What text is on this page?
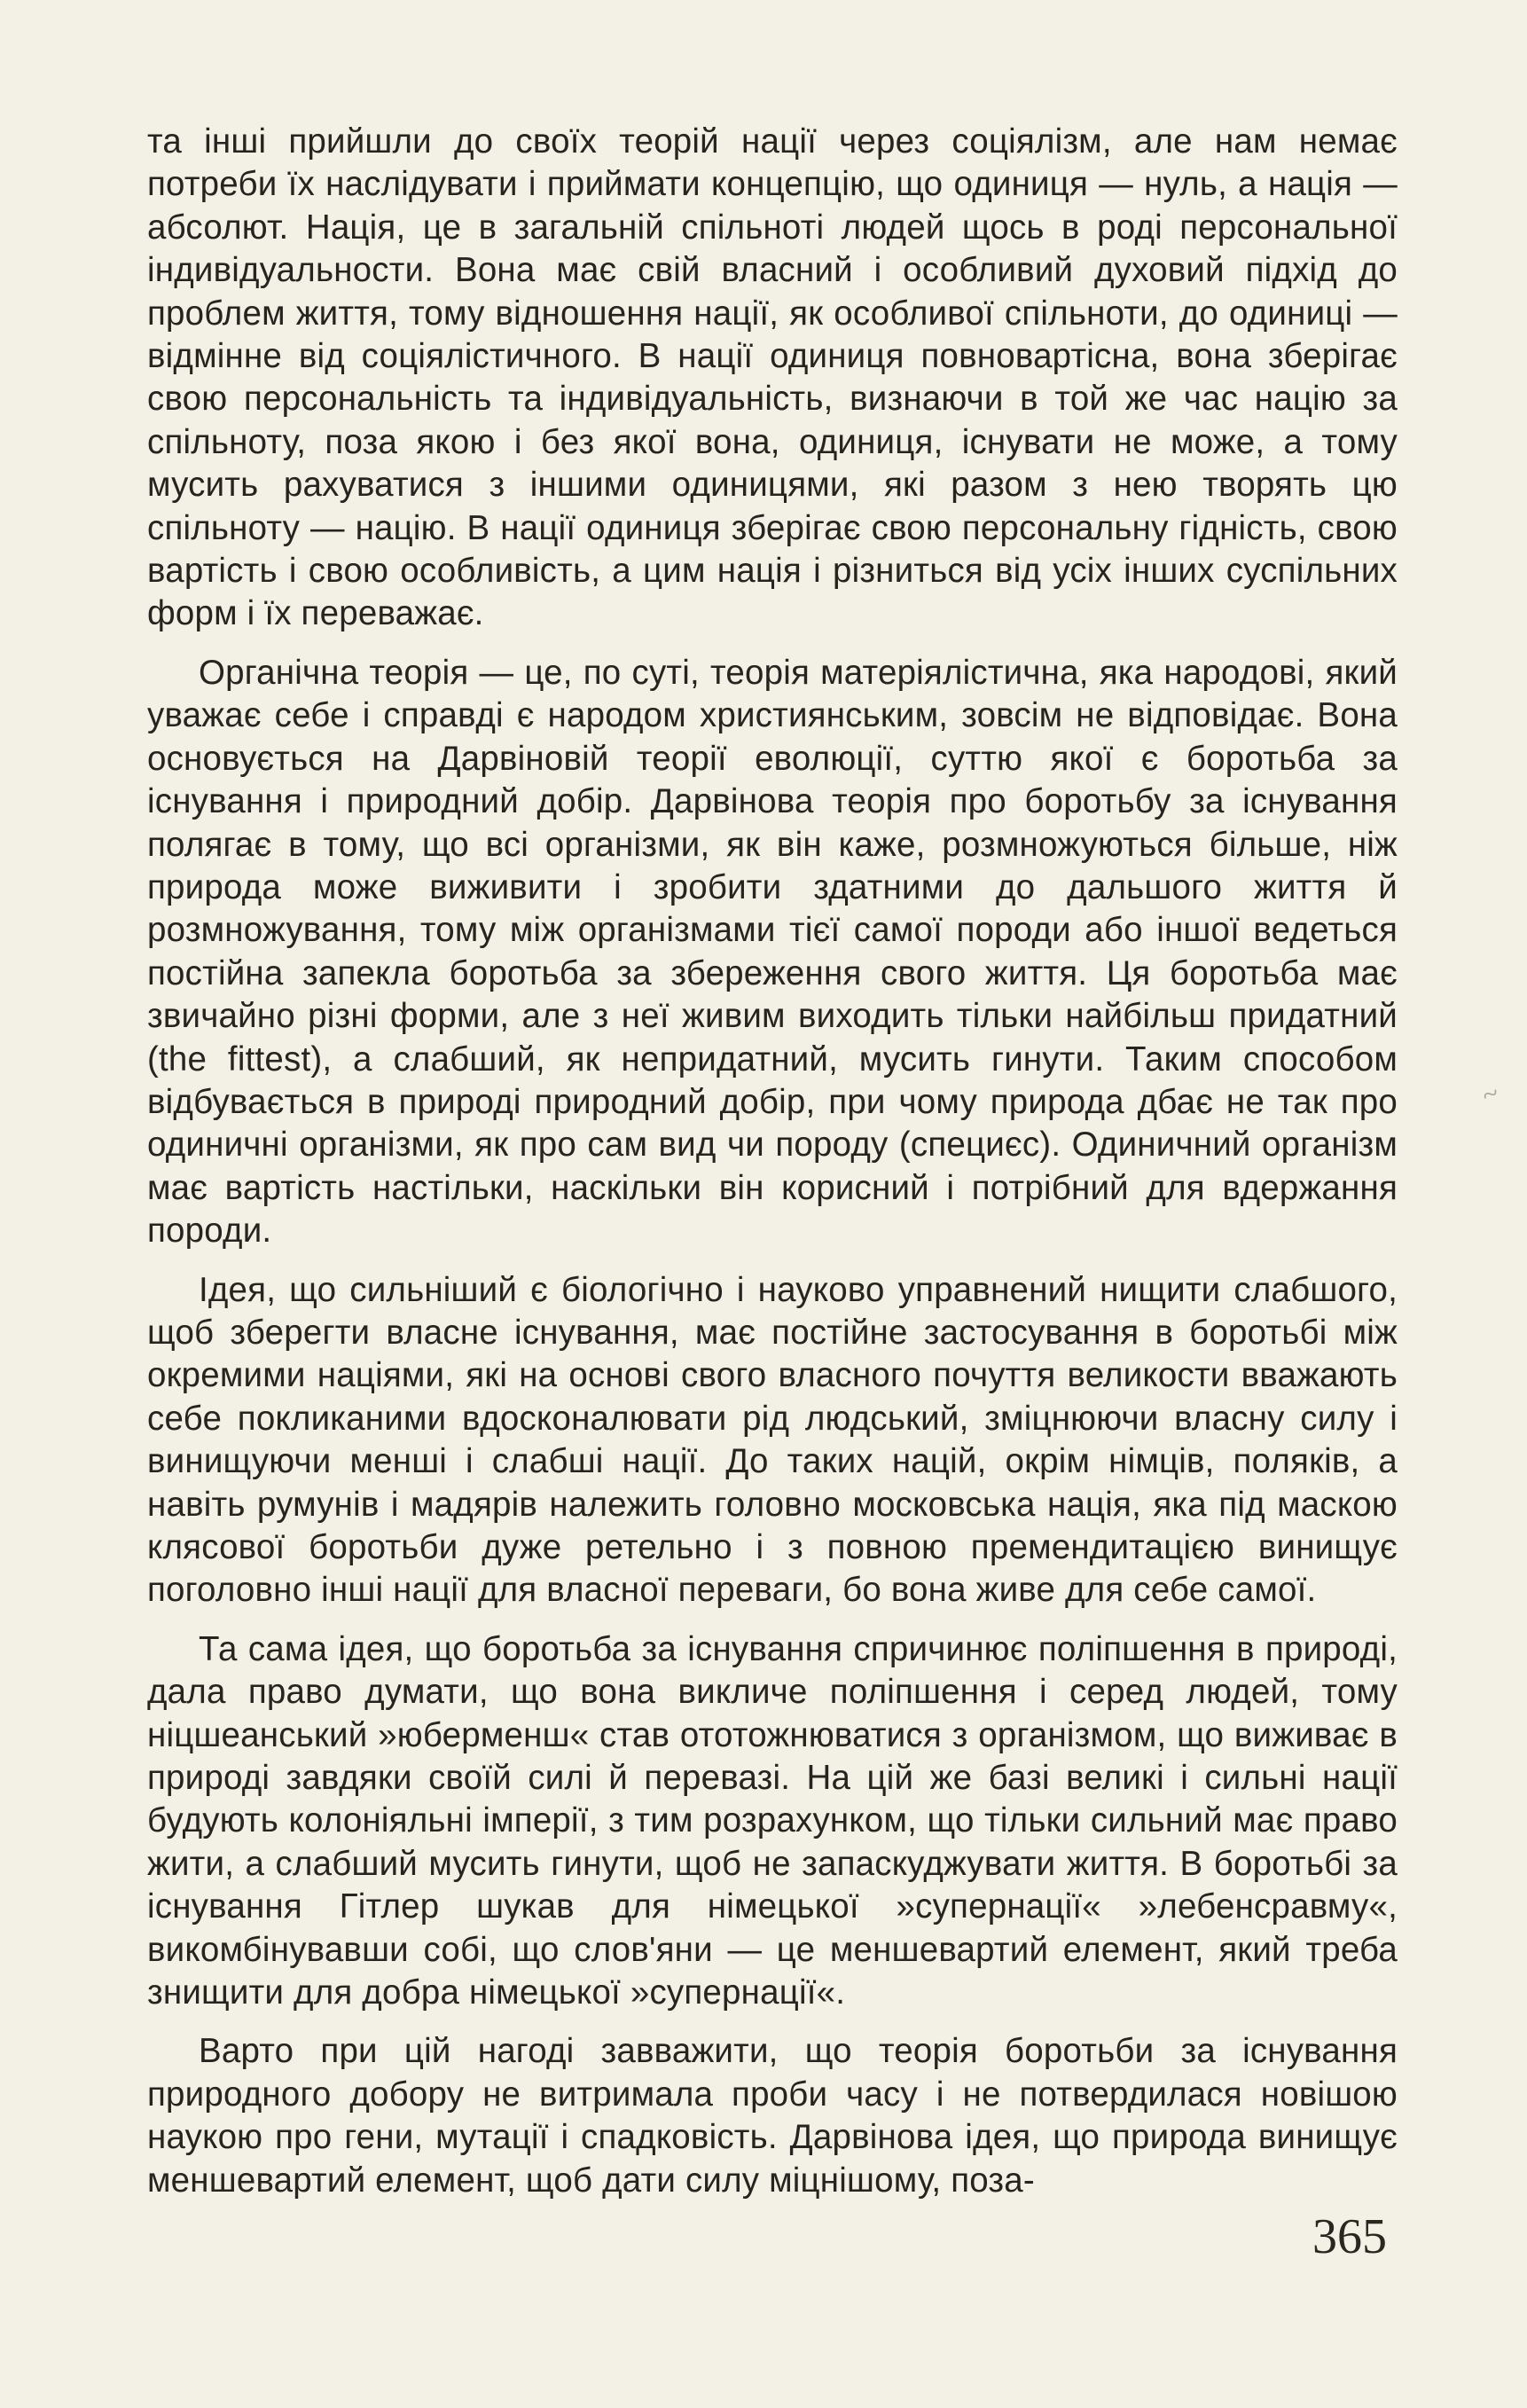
та інші прийшли до своїх теорій нації через соціялізм, але нам немає потреби їх наслідувати і приймати концепцію, що одиниця — нуль, а нація — абсолют. Нація, це в загальній спільноті людей щось в роді персональної індивідуальности. Вона має свій власний і особливий духовий підхід до проблем життя, тому відношення нації, як особливої спільноти, до одиниці — відмінне від соціялістичного. В нації одиниця повновартісна, вона зберігає свою персональність та індивідуальність, визнаючи в той же час націю за спільноту, поза якою і без якої вона, одиниця, існувати не може, а тому мусить рахуватися з іншими одиницями, які разом з нею творять цю спільноту — націю. В нації одиниця зберігає свою персональну гідність, свою вартість і свою особливість, а цим нація і різниться від усіх інших суспільних форм і їх переважає.

Органічна теорія — це, по суті, теорія матеріялістична, яка народові, який уважає себе і справді є народом християнським, зовсім не відповідає. Вона основується на Дарвіновій теорії еволюції, суттю якої є боротьба за існування і природний добір. Дарвінова теорія про боротьбу за існування полягає в тому, що всі організми, як він каже, розмножуються більше, ніж природа може виживити і зробити здатними до дальшого життя й розмножування, тому між організмами тієї самої породи або іншої ведеться постійна запекла боротьба за збереження свого життя. Ця боротьба має звичайно різні форми, але з неї живим виходить тільки найбільш придатний (the fittest), а слабший, як непридатний, мусить гинути. Таким способом відбувається в природі природний добір, при чому природа дбає не так про одиничні організми, як про сам вид чи породу (специєс). Одиничний організм має вартість настільки, наскільки він корисний і потрібний для вдержання породи.

Ідея, що сильніший є біологічно і науково управнений нищити слабшого, щоб зберегти власне існування, має постійне застосування в боротьбі між окремими націями, які на основі свого власного почуття великости вважають себе покликаними вдосконалювати рід людський, зміцнюючи власну силу і винищуючи менші і слабші нації. До таких націй, окрім німців, поляків, а навіть румунів і мадярів належить головно московська нація, яка під маскою клясової боротьби дуже ретельно і з повною премендитацією винищує поголовно інші нації для власної переваги, бо вона живе для себе самої.

Та сама ідея, що боротьба за існування спричинює поліпшення в природі, дала право думати, що вона викличе поліпшення і серед людей, тому ніцшеанський »юберменш« став ототожнюватися з організмом, що виживає в природі завдяки своїй силі й перевазі. На цій же базі великі і сильні нації будують колоніяльні імперії, з тим розрахунком, що тільки сильний має право жити, а слабший мусить гинути, щоб не запаскуджувати життя. В боротьбі за існування Гітлер шукав для німецької »супернації« »лебенсравму«, викомбінувавши собі, що слов'яни — це меншевартий елемент, який треба знищити для добра німецької »супернації«.

Варто при цій нагоді завважити, що теорія боротьби за існування природного добору не витримала проби часу і не потвердилася новішою наукою про гени, мутації і спадковість. Дарвінова ідея, що природа винищує меншевартий елемент, щоб дати силу міцнішому, поза-

~
365
